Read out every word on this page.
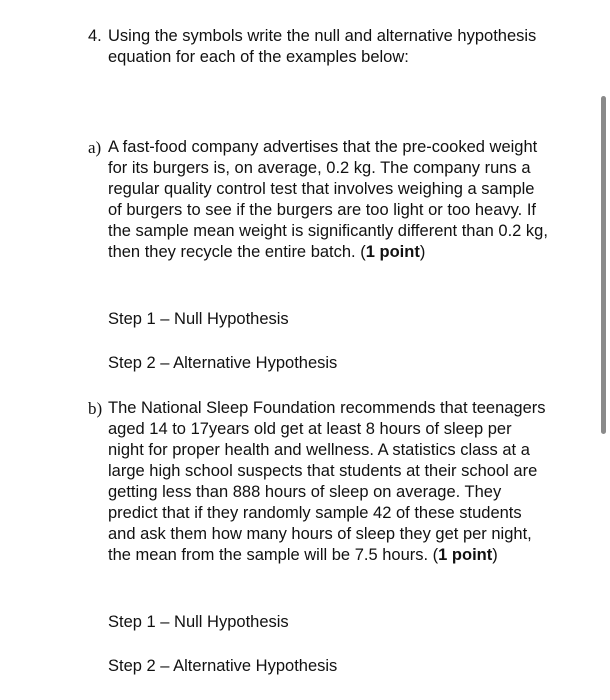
4. Using the symbols write the null and alternative hypothesis equation for each of the examples below:
a) A fast-food company advertises that the pre-cooked weight for its burgers is, on average, 0.2 kg. The company runs a regular quality control test that involves weighing a sample of burgers to see if the burgers are too light or too heavy. If the sample mean weight is significantly different than 0.2 kg, then they recycle the entire batch. (1 point)
Step 1 – Null Hypothesis
Step 2 – Alternative Hypothesis
b) The National Sleep Foundation recommends that teenagers aged 14 to 17years old get at least 8 hours of sleep per night for proper health and wellness. A statistics class at a large high school suspects that students at their school are getting less than 888 hours of sleep on average. They predict that if they randomly sample 42 of these students and ask them how many hours of sleep they get per night, the mean from the sample will be 7.5 hours. (1 point)
Step 1 – Null Hypothesis
Step 2 – Alternative Hypothesis
